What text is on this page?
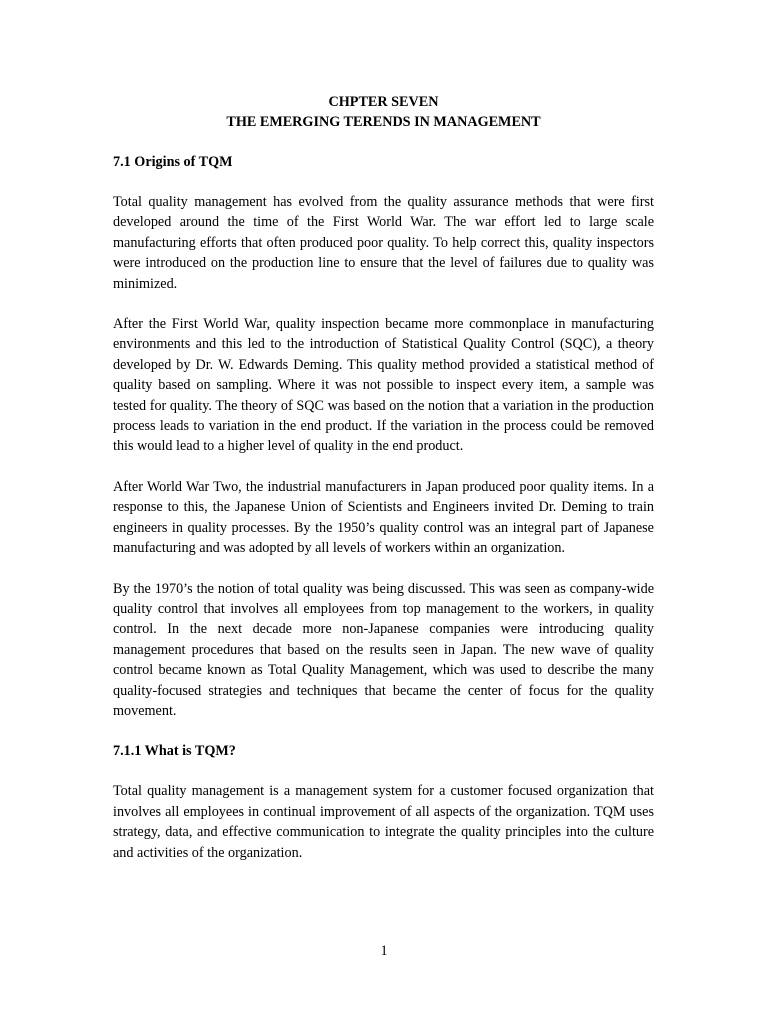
CHPTER SEVEN
THE EMERGING TERENDS IN MANAGEMENT
7.1 Origins of TQM

Total quality management has evolved from the quality assurance methods that were first developed around the time of the First World War. The war effort led to large scale manufacturing efforts that often produced poor quality. To help correct this, quality inspectors were introduced on the production line to ensure that the level of failures due to quality was minimized.

After the First World War, quality inspection became more commonplace in manufacturing environments and this led to the introduction of Statistical Quality Control (SQC), a theory developed by Dr. W. Edwards Deming. This quality method provided a statistical method of quality based on sampling. Where it was not possible to inspect every item, a sample was tested for quality. The theory of SQC was based on the notion that a variation in the production process leads to variation in the end product. If the variation in the process could be removed this would lead to a higher level of quality in the end product.

After World War Two, the industrial manufacturers in Japan produced poor quality items. In a response to this, the Japanese Union of Scientists and Engineers invited Dr. Deming to train engineers in quality processes. By the 1950’s quality control was an integral part of Japanese manufacturing and was adopted by all levels of workers within an organization.

By the 1970’s the notion of total quality was being discussed. This was seen as company-wide quality control that involves all employees from top management to the workers, in quality control. In the next decade more non-Japanese companies were introducing quality management procedures that based on the results seen in Japan. The new wave of quality control became known as Total Quality Management, which was used to describe the many quality-focused strategies and techniques that became the center of focus for the quality movement.

7.1.1 What is TQM?

Total quality management is a management system for a customer focused organization that involves all employees in continual improvement of all aspects of the organization. TQM uses strategy, data, and effective communication to integrate the quality principles into the culture and activities of the organization.

1
